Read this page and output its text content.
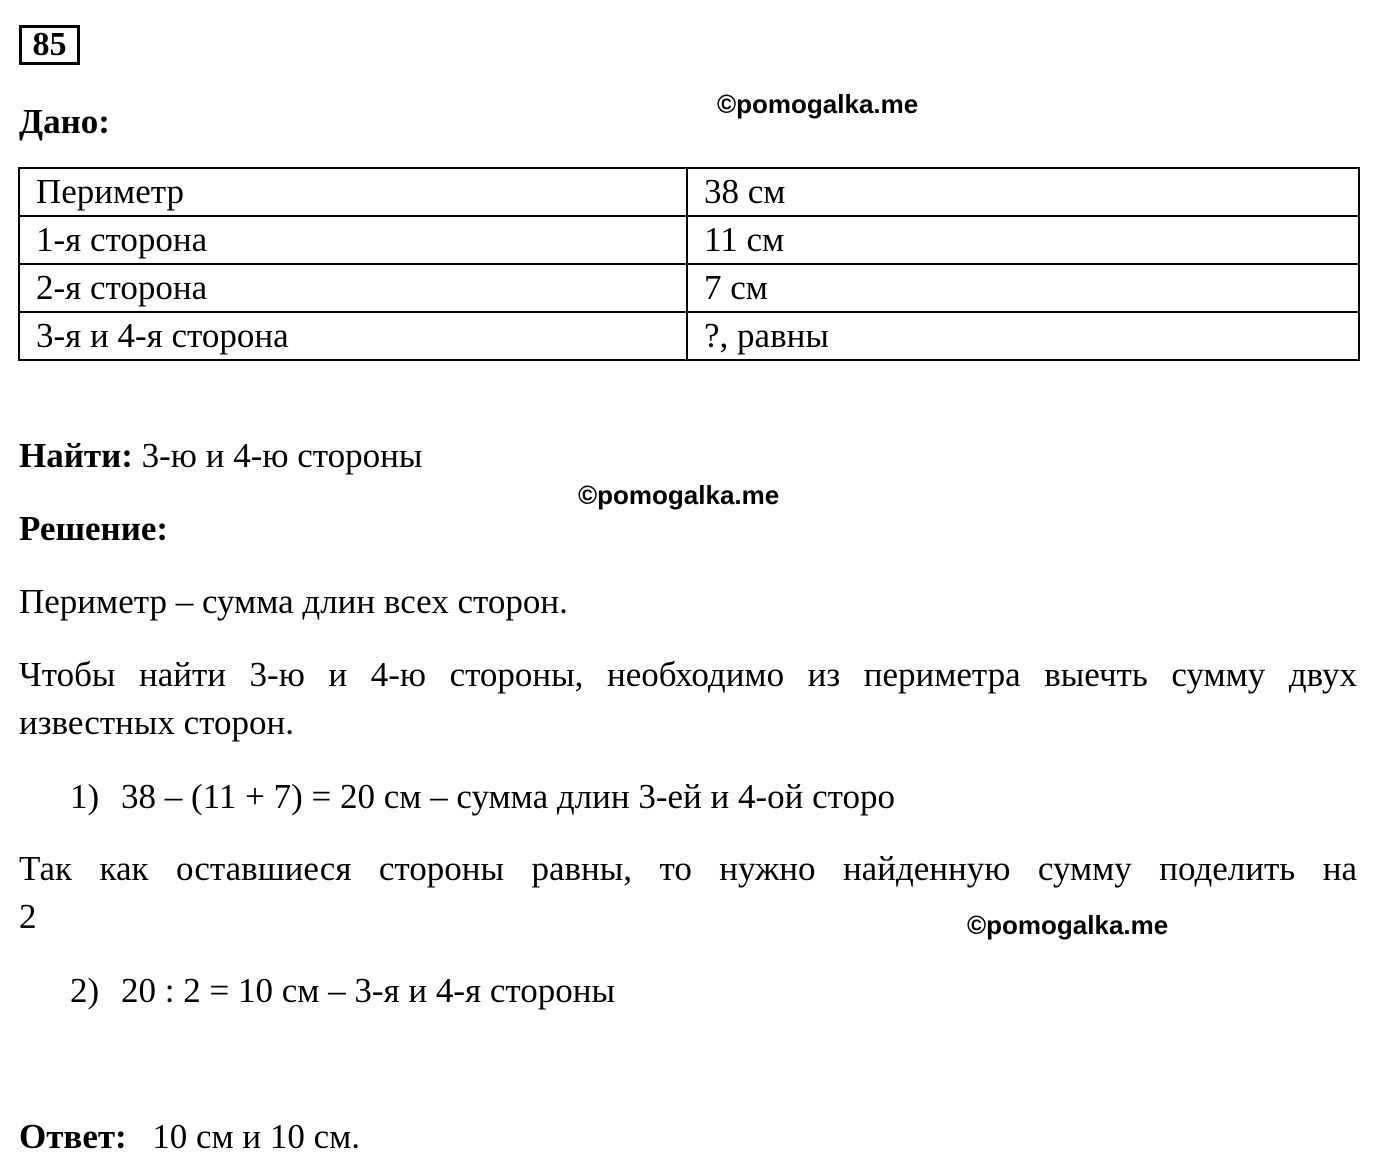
85
Дано:	©pomogalka.me
Периметр	38 см
1-я сторона	11 см
2-я сторона	7 см
3-я и 4-я сторона	?, равны
Найти: 3-ю и 4-ю стороны
©pomogalka.me
Решение:
Периметр – сумма длин всех сторон.
Чтобы найти 3-ю и 4-ю стороны, необходимо из периметра выечть сумму двух
известных сторон.
1) 38 – (11 + 7) = 20 см – сумма длин 3-ей и 4-ой сторо
Так как оставшиеся стороны равны, то нужно найденную сумму поделить на
2	©pomogalka.me
2) 20 : 2 = 10 см – 3-я и 4-я стороны
Ответ: 10 см и 10 см.
